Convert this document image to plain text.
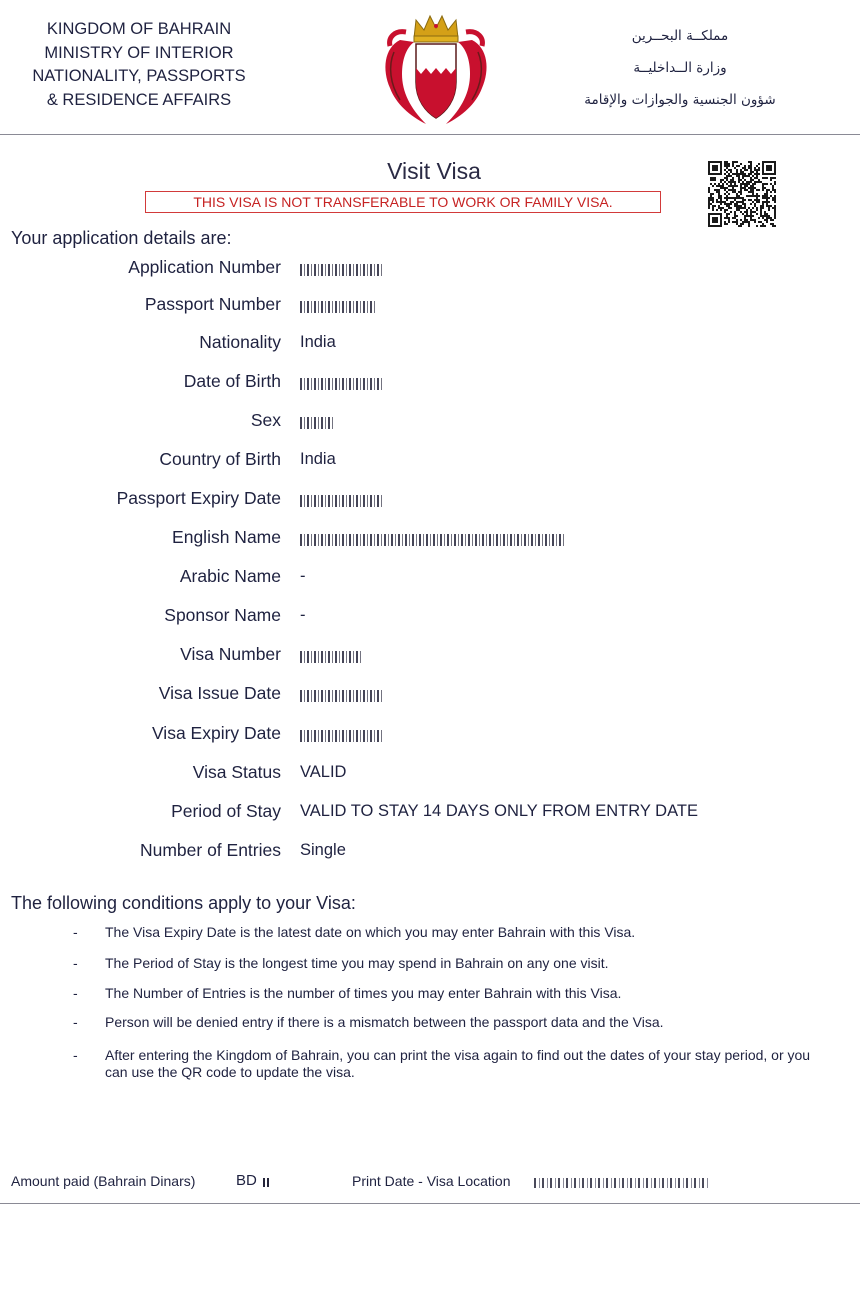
KINGDOM OF BAHRAIN
MINISTRY OF INTERIOR
NATIONALITY, PASSPORTS
& RESIDENCE AFFAIRS
مملكــة البحــرين
وزارة الــداخليــة
شؤون الجنسية والجوازات والإقامة
Visit Visa
THIS VISA IS NOT TRANSFERABLE TO WORK OR FAMILY VISA.
Your application details are:
Application Number
Passport Number
Nationality India
Date of Birth
Sex
Country of Birth India
Passport Expiry Date
English Name
Arabic Name -
Sponsor Name -
Visa Number
Visa Issue Date
Visa Expiry Date
Visa Status VALID
Period of Stay VALID TO STAY 14 DAYS ONLY FROM ENTRY DATE
Number of Entries Single
The following conditions apply to your Visa:
- The Visa Expiry Date is the latest date on which you may enter Bahrain with this Visa.
- The Period of Stay is the longest time you may spend in Bahrain on any one visit.
- The Number of Entries is the number of times you may enter Bahrain with this Visa.
- Person will be denied entry if there is a mismatch between the passport data and the Visa.
- After entering the Kingdom of Bahrain, you can print the visa again to find out the dates of your stay period, or you can use the QR code to update the visa.
Amount paid (Bahrain Dinars)	BD	Print Date - Visa Location
